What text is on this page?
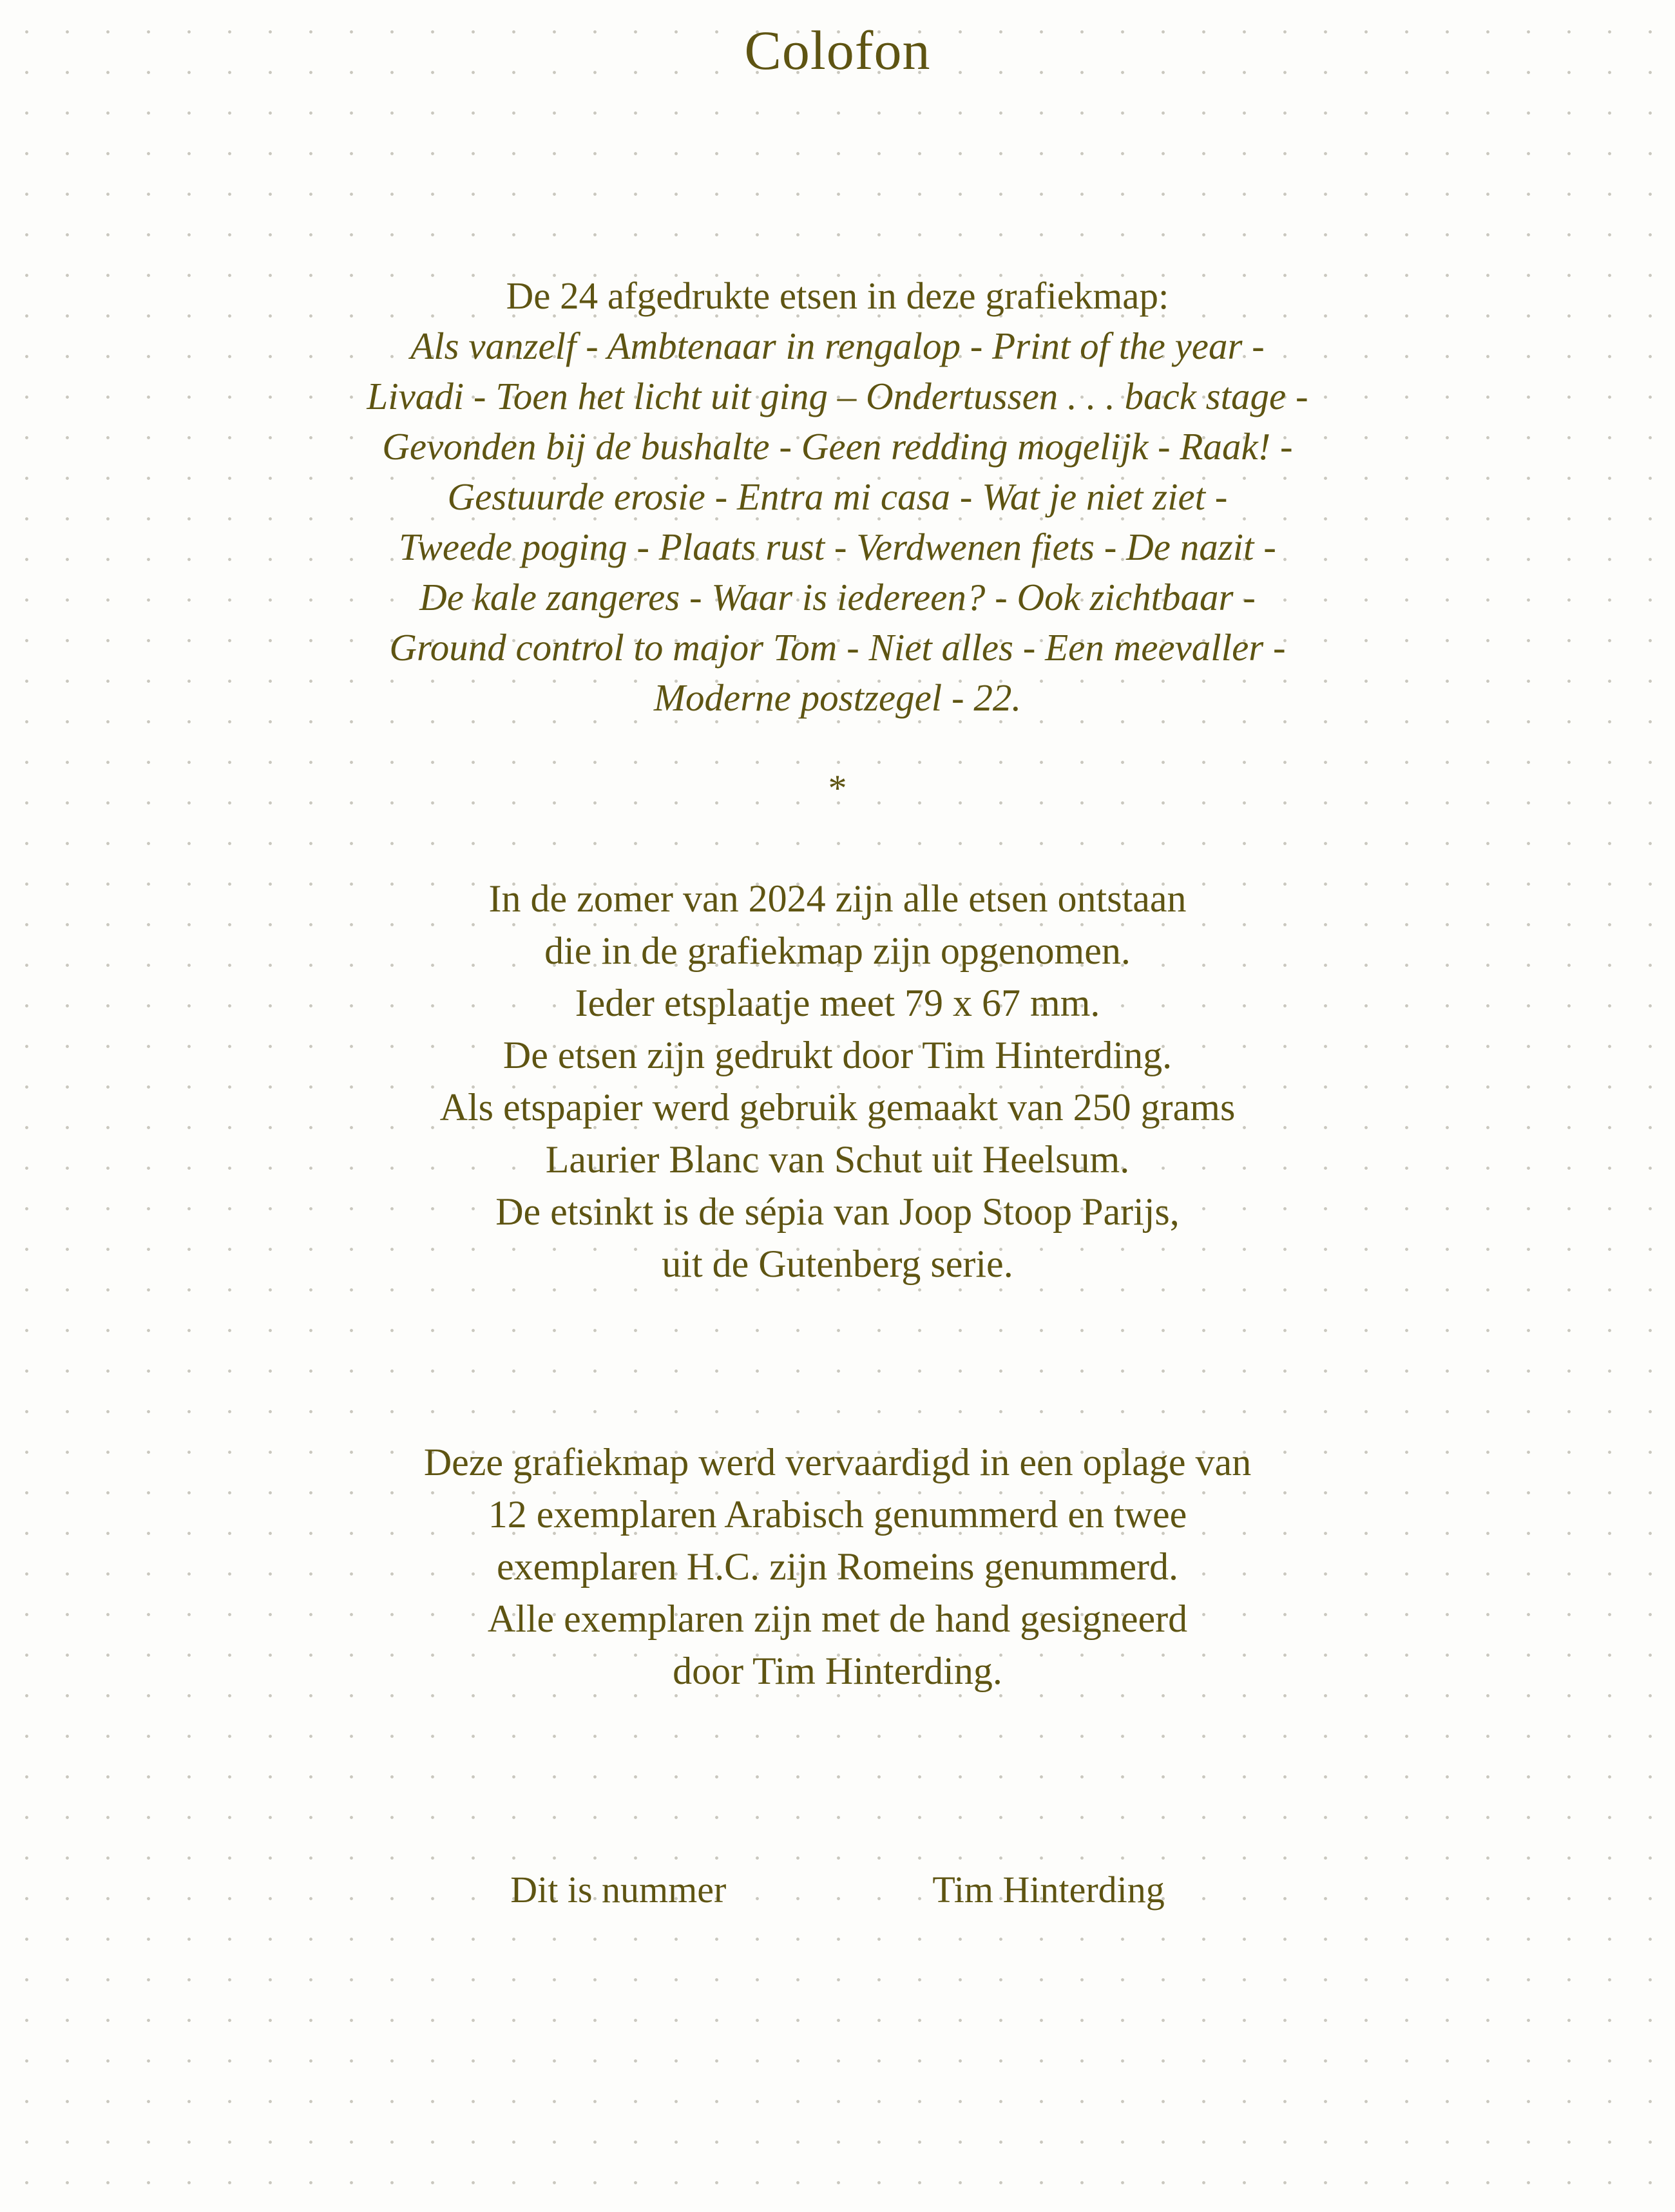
Colofon
De 24 afgedrukte etsen in deze grafiekmap:
Als vanzelf - Ambtenaar in rengalop - Print of the year -
Livadi - Toen het licht uit ging – Ondertussen . . . back stage -
Gevonden bij de bushalte - Geen redding mogelijk - Raak! -
Gestuurde erosie - Entra mi casa - Wat je niet ziet -
Tweede poging - Plaats rust - Verdwenen fiets - De nazit -
De kale zangeres - Waar is iedereen? - Ook zichtbaar -
Ground control to major Tom - Niet alles - Een meevaller -
Moderne postzegel - 22.
*
In de zomer van 2024 zijn alle etsen ontstaan
die in de grafiekmap zijn opgenomen.
Ieder etsplaatje meet 79 x 67 mm.
De etsen zijn gedrukt door Tim Hinterding.
Als etspapier werd gebruik gemaakt van 250 grams
Laurier Blanc van Schut uit Heelsum.
De etsinkt is de sépia van Joop Stoop Parijs,
uit de Gutenberg serie.
Deze grafiekmap werd vervaardigd in een oplage van
12 exemplaren Arabisch genummerd en twee
exemplaren H.C. zijn Romeins genummerd.
Alle exemplaren zijn met de hand gesigneerd
door Tim Hinterding.
Dit is nummer	Tim Hinterding
